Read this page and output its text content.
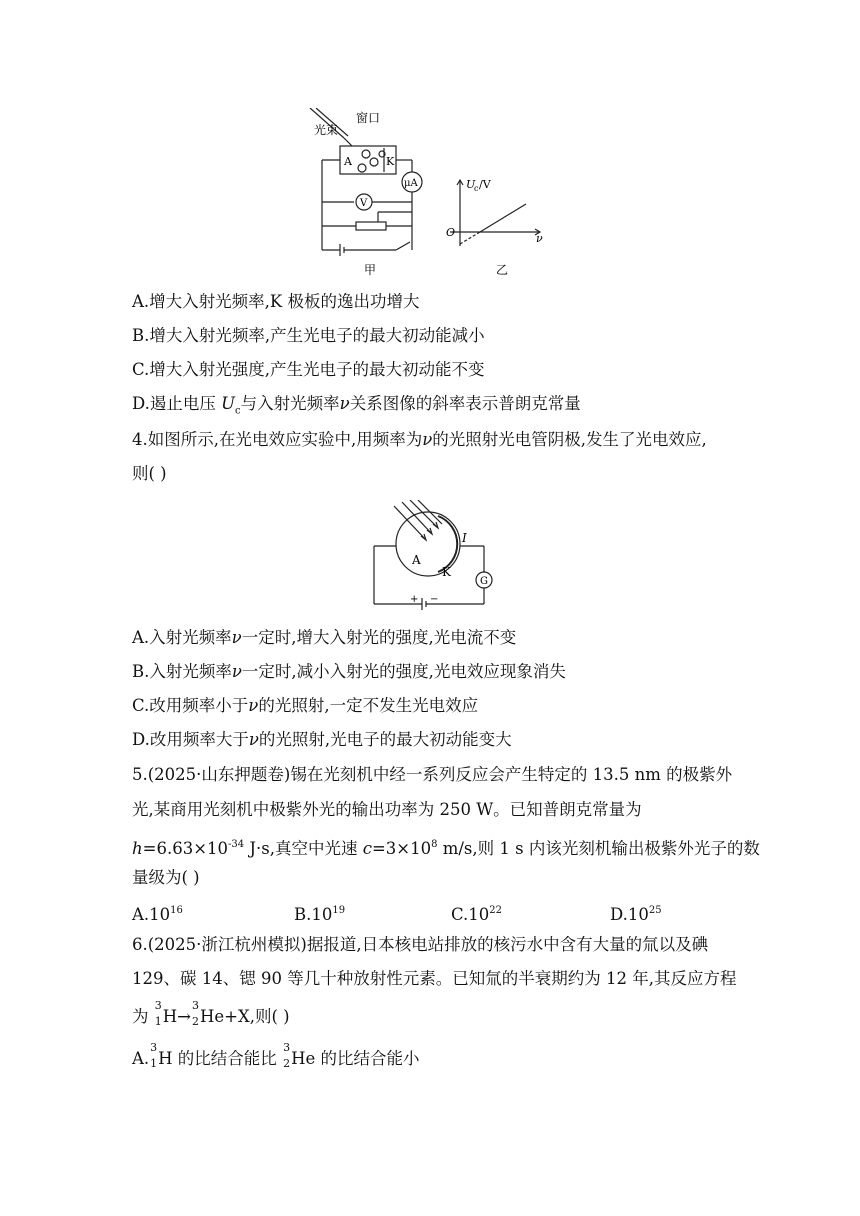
光束
窗口
A	K
μA
V
甲
U
c /V
O	ν
乙
A.增大入射光频率,K 极板的逸出功增大
B.增大入射光频率,产生光电子的最大初动能减小
C.增大入射光强度,产生光电子的最大初动能不变
D.遏止电压 $U_c$与入射光频率ν关系图像的斜率表示普朗克常量
4.如图所示,在光电效应实验中,用频率为ν的光照射光电管阴极,发生了光电效应,
则( )
I
A
K
G
+ −
A.入射光频率ν一定时,增大入射光的强度,光电流不变
B.入射光频率ν一定时,减小入射光的强度,光电效应现象消失
C.改用频率小于ν的光照射,一定不发生光电效应
D.改用频率大于ν的光照射,光电子的最大初动能变大
5.(2025·山东押题卷)锡在光刻机中经一系列反应会产生特定的 13.5 nm 的极紫外
光,某商用光刻机中极紫外光的输出功率为 250 W。已知普朗克常量为
$h=6.63\times 10^{-34}$ J·s,真空中光速 $c=3\times 10^8$ m/s,则 1 s 内该光刻机输出极紫外光子的数
量级为( )
$A.10^{16}$	$B.10^{19}$	$C.10^{22}$	$D.10^{25}$
6.(2025·浙江杭州模拟)据报道,日本核电站排放的核污水中含有大量的氚以及碘
129、碳 14、锶 90 等几十种放射性元素。已知氚的半衰期约为 12 年,其反应方程
为
3
1 H→
3
2 He+X,则( )
A.
3
1 H 的比结合能比
3
2 He 的比结合能小
